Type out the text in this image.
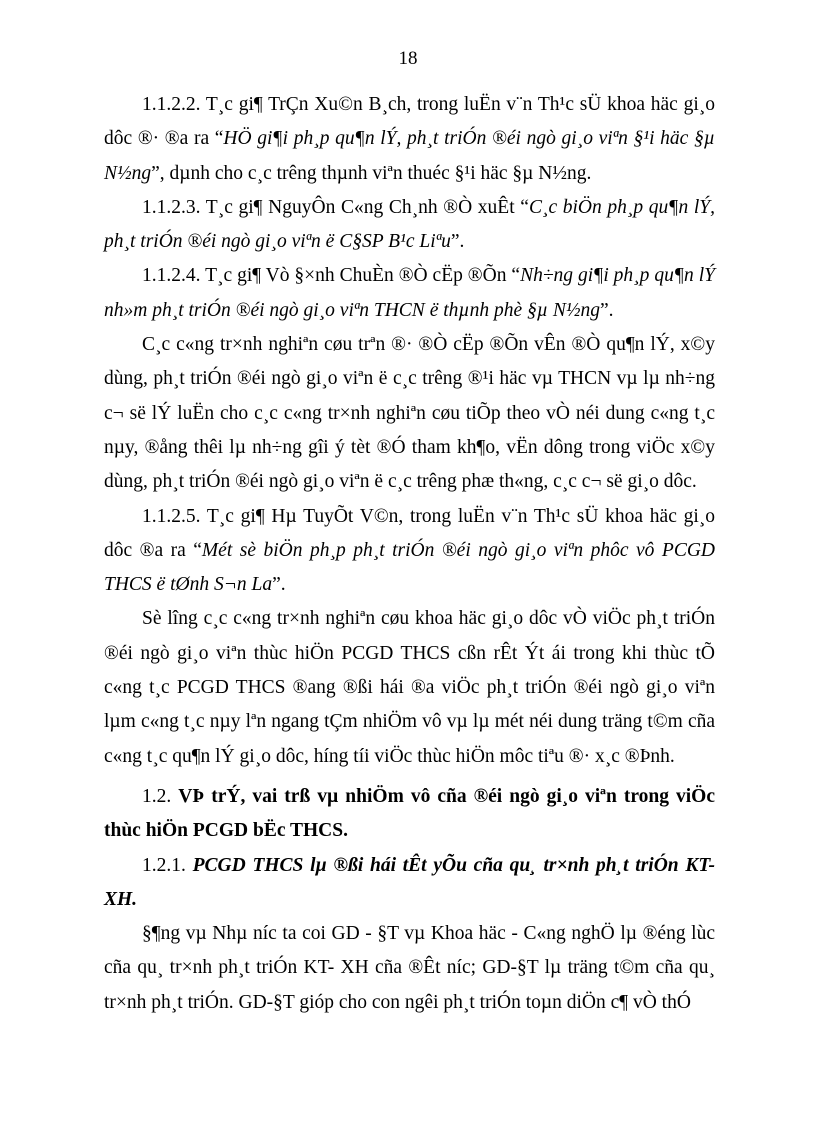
18

1.1.2.2. T¸c gi¶ TrÇn Xu©n B¸ch, trong luËn v¨n Th¹c sÜ khoa häc gi¸o dôc ®· ®a ra “HÖ gi¶i ph¸p qu¶n lÝ, ph¸t triÓn ®éi ngò gi¸o viªn §¹i häc §µ N½ng”, dµnh cho c¸c trêng thµnh viªn thuéc §¹i häc §µ N½ng.

1.1.2.3. T¸c gi¶ NguyÔn C«ng Ch¸nh ®Ò xuÊt “C¸c biÖn ph¸p qu¶n lÝ, ph¸t triÓn ®éi ngò gi¸o viªn ë C§SP B¹c Liªu”.

1.1.2.4. T¸c gi¶ Vò §×nh ChuÈn ®Ò cËp ®Õn “Nh÷ng gi¶i ph¸p qu¶n lÝ nh»m ph¸t triÓn ®éi ngò gi¸o viªn THCN ë thµnh phè §µ N½ng”.

C¸c c«ng tr×nh nghiªn cøu trªn ®· ®Ò cËp ®Õn vÊn ®Ò qu¶n lÝ, x©y dùng, ph¸t triÓn ®éi ngò gi¸o viªn ë c¸c trêng ®¹i häc vµ THCN vµ lµ nh÷ng c¬ së lÝ luËn cho c¸c c«ng tr×nh nghiªn cøu tiÕp theo vÒ néi dung c«ng t¸c nµy, ®ång thêi lµ nh÷ng gîi ý tèt ®Ó tham kh¶o, vËn dông trong viÖc x©y dùng, ph¸t triÓn ®éi ngò gi¸o viªn ë c¸c trêng phæ th«ng, c¸c c¬ së gi¸o dôc.

1.1.2.5. T¸c gi¶ Hµ TuyÕt V©n, trong luËn v¨n Th¹c sÜ khoa häc gi¸o dôc ®a ra “Mét sè biÖn ph¸p ph¸t triÓn ®éi ngò gi¸o viªn phôc vô PCGD THCS ë tØnh S¬n La”.

Sè lîng c¸c c«ng tr×nh nghiªn cøu khoa häc gi¸o dôc vÒ viÖc ph¸t triÓn ®éi ngò gi¸o viªn thùc hiÖn PCGD THCS cßn rÊt Ýt ái trong khi thùc tÕ c«ng t¸c PCGD THCS ®ang ®ßi hái ®a viÖc ph¸t triÓn ®éi ngò gi¸o viªn lµm c«ng t¸c nµy lªn ngang tÇm nhiÖm vô vµ lµ mét néi dung träng t©m cña c«ng t¸c qu¶n lÝ gi¸o dôc, híng tíi viÖc thùc hiÖn môc tiªu ®· x¸c ®Þnh.

1.2. VÞ trÝ, vai trß vµ nhiÖm vô cña ®éi ngò gi¸o viªn trong viÖc thùc hiÖn PCGD bËc THCS.

1.2.1. PCGD THCS lµ ®ßi hái tÊt yÕu cña qu¸ tr×nh ph¸t triÓn KT- XH.

§¶ng vµ Nhµ níc ta coi GD - §T vµ Khoa häc - C«ng nghÖ lµ ®éng lùc cña qu¸ tr×nh ph¸t triÓn KT- XH cña ®Êt níc; GD-§T lµ träng t©m cña qu¸ tr×nh ph¸t triÓn. GD-§T gióp cho con ngêi ph¸t triÓn toµn diÖn c¶ vÒ thÓ
